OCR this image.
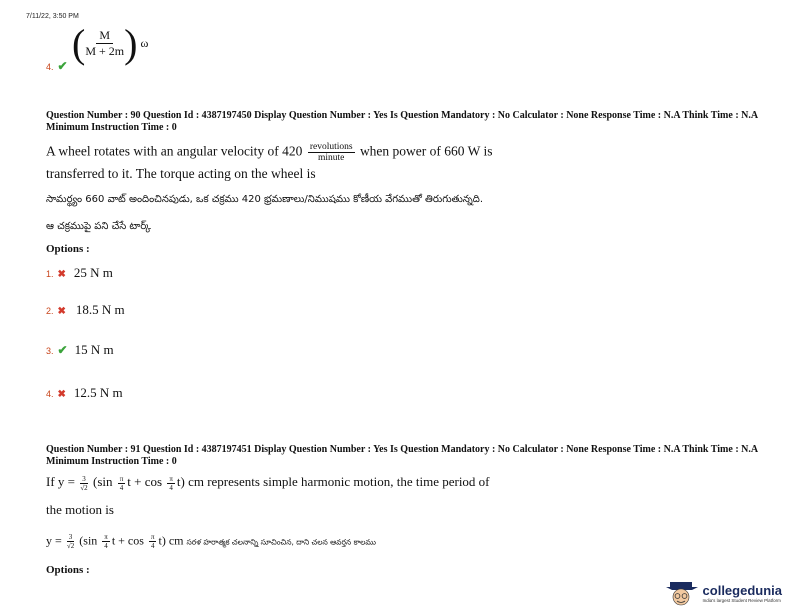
7/11/22, 3:50 PM
4. ✔
( M
M + 2m ) ω
Question Number : 90 Question Id : 4387197450 Display Question Number : Yes Is Question Mandatory : No Calculator : None Response Time : N.A Think Time : N.A Minimum Instruction Time : 0
A wheel rotates with an angular velocity of $420 \frac{\text{revolutions}}{\text{minute}}$ when power of 660 W is
transferred to it. The torque acting on the wheel is
సామర్థ్యం 660 వాట్ అందించినపుడు, ఒక చక్రము 420 భ్రమణాలు/నిముషము కోణీయ వేగముతో తిరుగుతున్నది.
ఆ చక్రముపై పని చేసే టార్క్
Options :
1. ✖ 25 N m
2. ✖ 18.5 N m
3. ✔ 15 N m
4. ✖ 12.5 N m
Question Number : 91 Question Id : 4387197451 Display Question Number : Yes Is Question Mandatory : No Calculator : None Response Time : N.A Think Time : N.A Minimum Instruction Time : 0
If $y = \frac{3}{√2} (\sin \frac{\pi}{4}$ $t + \cos \frac{\pi}{4} t$) cm represents simple harmonic motion, the time period of
the motion is
$y = \frac{3}{√2} (\sin \frac{\pi}{4}$ $t + \cos \frac{\pi}{4} t$) cm సరళ హరాత్మక చలనాన్ని సూచించిన, దాని చలన ఆవర్తన కాలము
Options :
collegedunia
India's largest Student Review Platform
